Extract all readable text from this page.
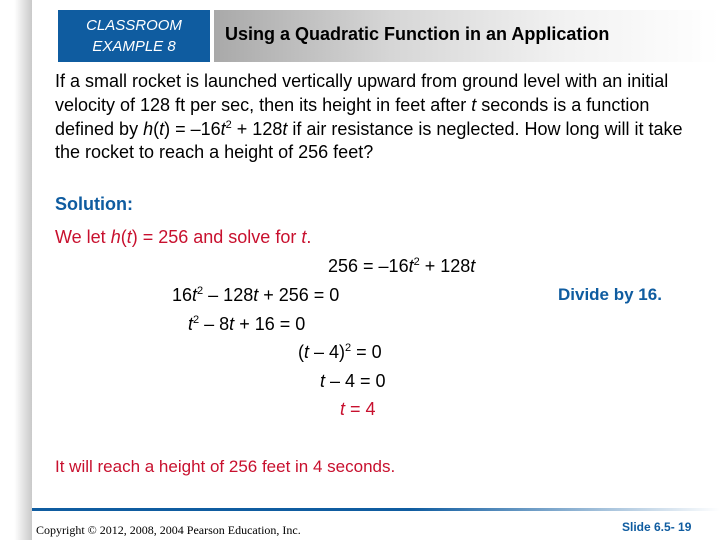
CLASSROOM
EXAMPLE 8
Using a Quadratic Function in an Application
If a small rocket is launched vertically upward from ground level with an initial velocity of 128 ft per sec, then its height in feet after t seconds is a function defined by $h(t) = -16t^2 + 128t$ if air resistance is neglected. How long will it take the rocket to reach a height of 256 feet?
Solution:
We let h(t) = 256 and solve for t.
$256 = -16t^2 + 128t$
$16t^2 - 128t + 256 = 0$	Divide by 16.
$t^2 - 8t + 16 = 0$
(t – 4)$^2$ = 0
t – 4 = 0
t = 4
It will reach a height of 256 feet in 4 seconds.
Copyright © 2012, 2008, 2004 Pearson Education, Inc.	Slide 6.5- 19
